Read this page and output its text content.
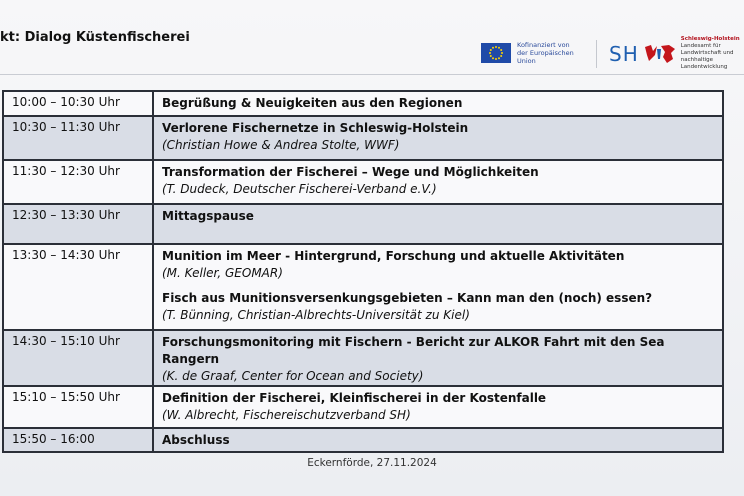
kt: Dialog Küstenfischerei	Kofinanziert von der Europäischen Union	SH
Schleswig-Holstein
Landesamt für Landwirtschaft und nachhaltige Landentwicklung
10:00 – 10:30 Uhr	Begrüßung & Neuigkeiten aus den Regionen

10:30 – 11:30 Uhr	Verlorene Fischernetze in Schleswig-Holstein
(Christian Howe & Andrea Stolte, WWF)

11:30 – 12:30 Uhr	Transformation der Fischerei – Wege und Möglichkeiten
(T. Dudeck, Deutscher Fischerei-Verband e.V.)

12:30 – 13:30 Uhr	Mittagspause

13:30 – 14:30 Uhr	Munition im Meer - Hintergrund, Forschung und aktuelle Aktivitäten
(M. Keller, GEOMAR)
Fisch aus Munitionsversenkungsgebieten – Kann man den (noch) essen?
(T. Bünning, Christian-Albrechts-Universität zu Kiel)

14:30 – 15:10 Uhr	Forschungsmonitoring mit Fischern - Bericht zur ALKOR Fahrt mit den Sea Rangern
(K. de Graaf, Center for Ocean and Society)

15:10 – 15:50 Uhr	Definition der Fischerei, Kleinfischerei in der Kostenfalle
(W. Albrecht, Fischereischutzverband SH)

15:50 – 16:00	Abschluss
Eckernförde, 27.11.2024
